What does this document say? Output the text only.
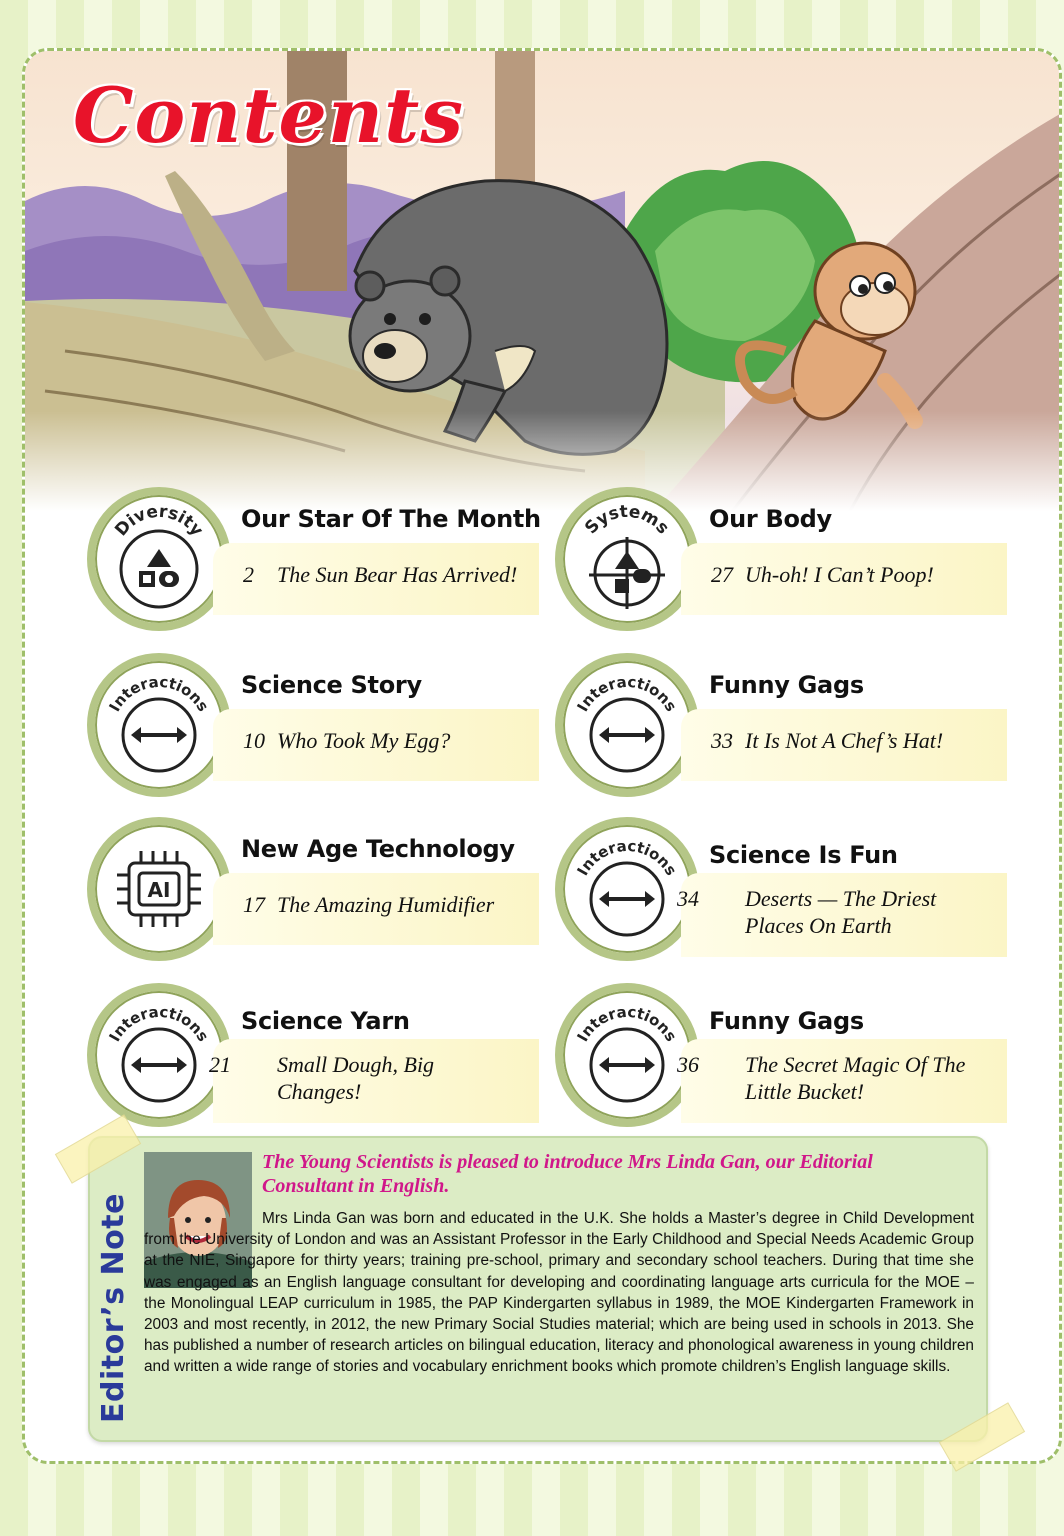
Contents
Diversity Our Star Of The Month
2 The Sun Bear Has Arrived!
Systems Our Body
27 Uh-oh! I Can’t Poop!
Interactions
Science Story
10 Who Took My Egg?
Interactions
Funny Gags
33 It Is Not A Chef’s Hat!
AI
New Age Technology
17 The Amazing Humidifier
Interactions
Science Is Fun
34 Deserts — The Driest Places On Earth
Interactions
Science Yarn
21 Small Dough, Big Changes!
Interactions
Funny Gags
36 The Secret Magic Of The Little Bucket!
Editor’s Note
The Young Scientists is pleased to introduce Mrs Linda Gan, our Editorial Consultant in English.
Mrs Linda Gan was born and educated in the U.K. She holds a Master’s degree in Child Development from the University of London and was an Assistant Professor in the Early Childhood and Special Needs Academic Group at the NIE, Singapore for thirty years; training pre-school, primary and secondary school teachers. During that time she was engaged as an English language consultant for developing and coordinating language arts curricula for the MOE – the Monolingual LEAP curriculum in 1985, the PAP Kindergarten syllabus in 1989, the MOE Kindergarten Framework in 2003 and most recently, in 2012, the new Primary Social Studies material; which are being used in schools in 2013. She has published a number of research articles on bilingual education, literacy and phonological awareness in young children and written a wide range of stories and vocabulary enrichment books which promote children’s English language skills.
